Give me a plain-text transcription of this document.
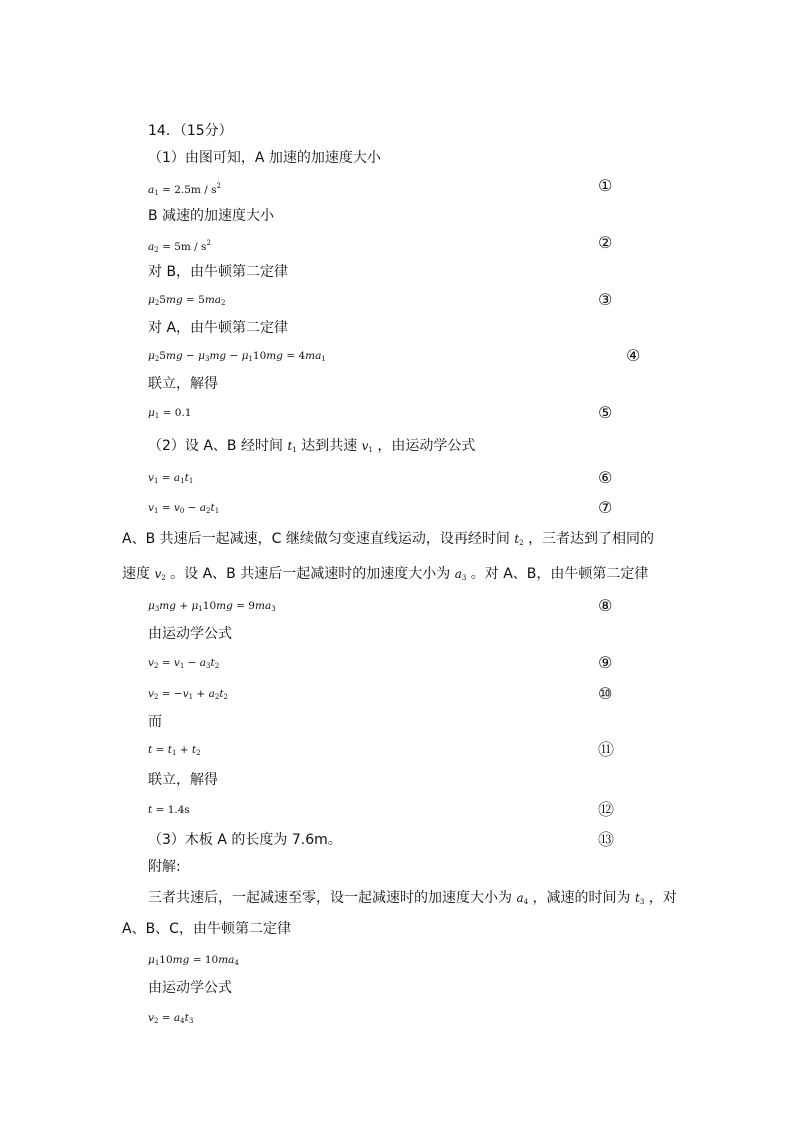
14．（15分）
（1）由图可知，A 加速的加速度大小
$a_1 = 2.5m / s^2$	①
B 减速的加速度大小
$a_2 = 5m / s^2$	②
对 B，由牛顿第二定律
$\mu_25mg = 5ma_2$	③
对 A，由牛顿第二定律
$\mu_25mg - \mu_3mg - \mu_110mg = 4ma_1$	④
联立，解得
$\mu_1 = 0.1$	⑤
（2）设 A、B 经时间 $t_1$ 达到共速 $v_1$ ，由运动学公式
$v_1 = a_1t_1$	⑥
$v_1 = v_0 - a_2t_1$	⑦
A、B 共速后一起减速，C 继续做匀变速直线运动，设再经时间 $t_2$ ，三者达到了相同的
速度 $v_2$ 。设 A、B 共速后一起减速时的加速度大小为 $a_3$ 。对 A、B，由牛顿第二定律
$\mu_3mg + \mu_110mg = 9ma_3$	⑧
由运动学公式
$v_2 = v_1 - a_3t_2$	⑨
$v_2 = -v_1 + a_2t_2$	⑩
而
$t = t_1 + t_2$	⑪
联立，解得
t = 1.4s	⑫
（3）木板 A 的长度为 7.6m。	⑬
附解:
三者共速后，一起减速至零，设一起减速时的加速度大小为 $a_4$ ，减速的时间为 $t_3$ ，对
A、B、C，由牛顿第二定律
$\mu_110mg = 10ma_4$
由运动学公式
$v_2 = a_4t_3$
